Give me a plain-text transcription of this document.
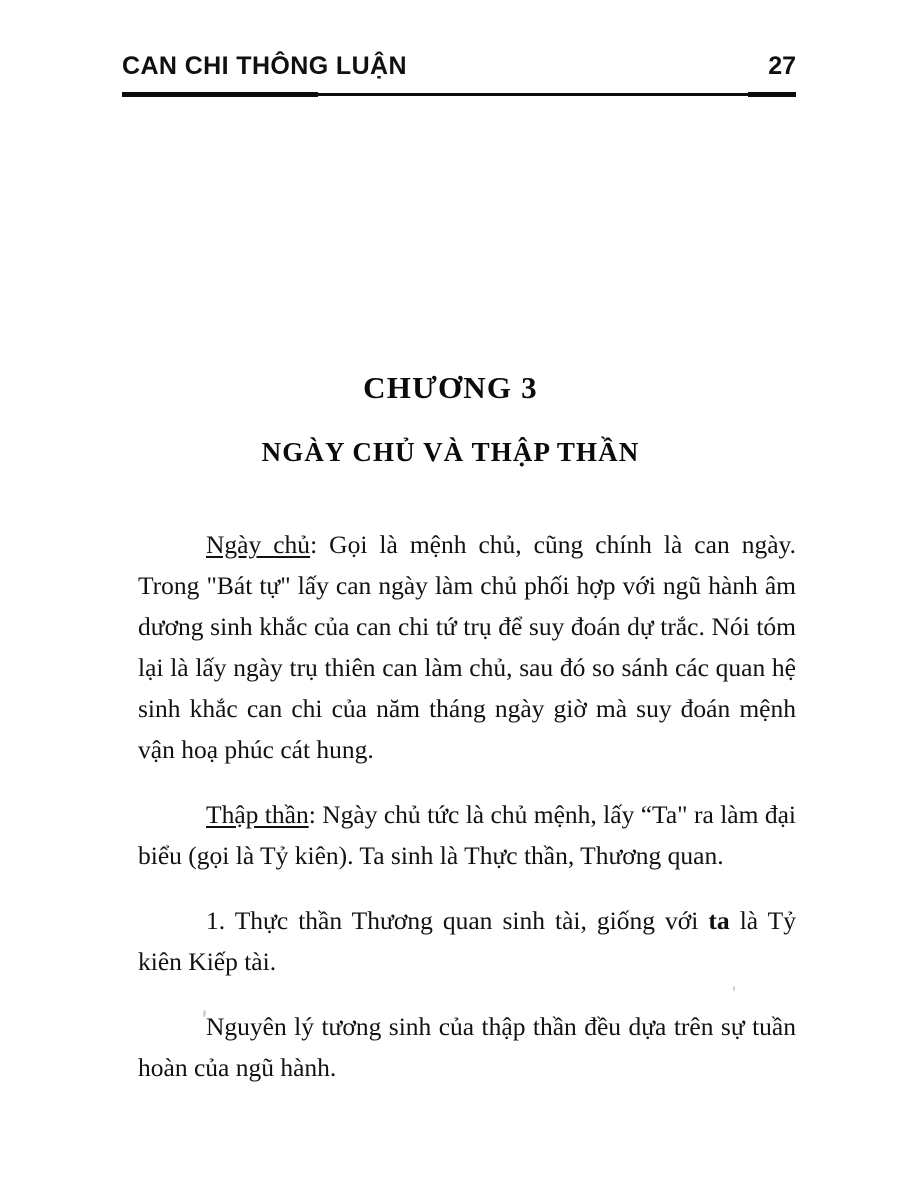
CAN CHI THÔNG LUẬN	27
CHƯƠNG 3
NGÀY CHỦ VÀ THẬP THẦN

Ngày chủ: Gọi là mệnh chủ, cũng chính là can ngày. Trong "Bát tự" lấy can ngày làm chủ phối hợp với ngũ hành âm dương sinh khắc của can chi tứ trụ để suy đoán dự trắc. Nói tóm lại là lấy ngày trụ thiên can làm chủ, sau đó so sánh các quan hệ sinh khắc can chi của năm tháng ngày giờ mà suy đoán mệnh vận hoạ phúc cát hung.

Thập thần: Ngày chủ tức là chủ mệnh, lấy “Ta" ra làm đại biểu (gọi là Tỷ kiên). Ta sinh là Thực thần, Thương quan.

1. Thực thần Thương quan sinh tài, giống với ta là Tỷ kiên Kiếp tài.

Nguyên lý tương sinh của thập thần đều dựa trên sự tuần hoàn của ngũ hành.
